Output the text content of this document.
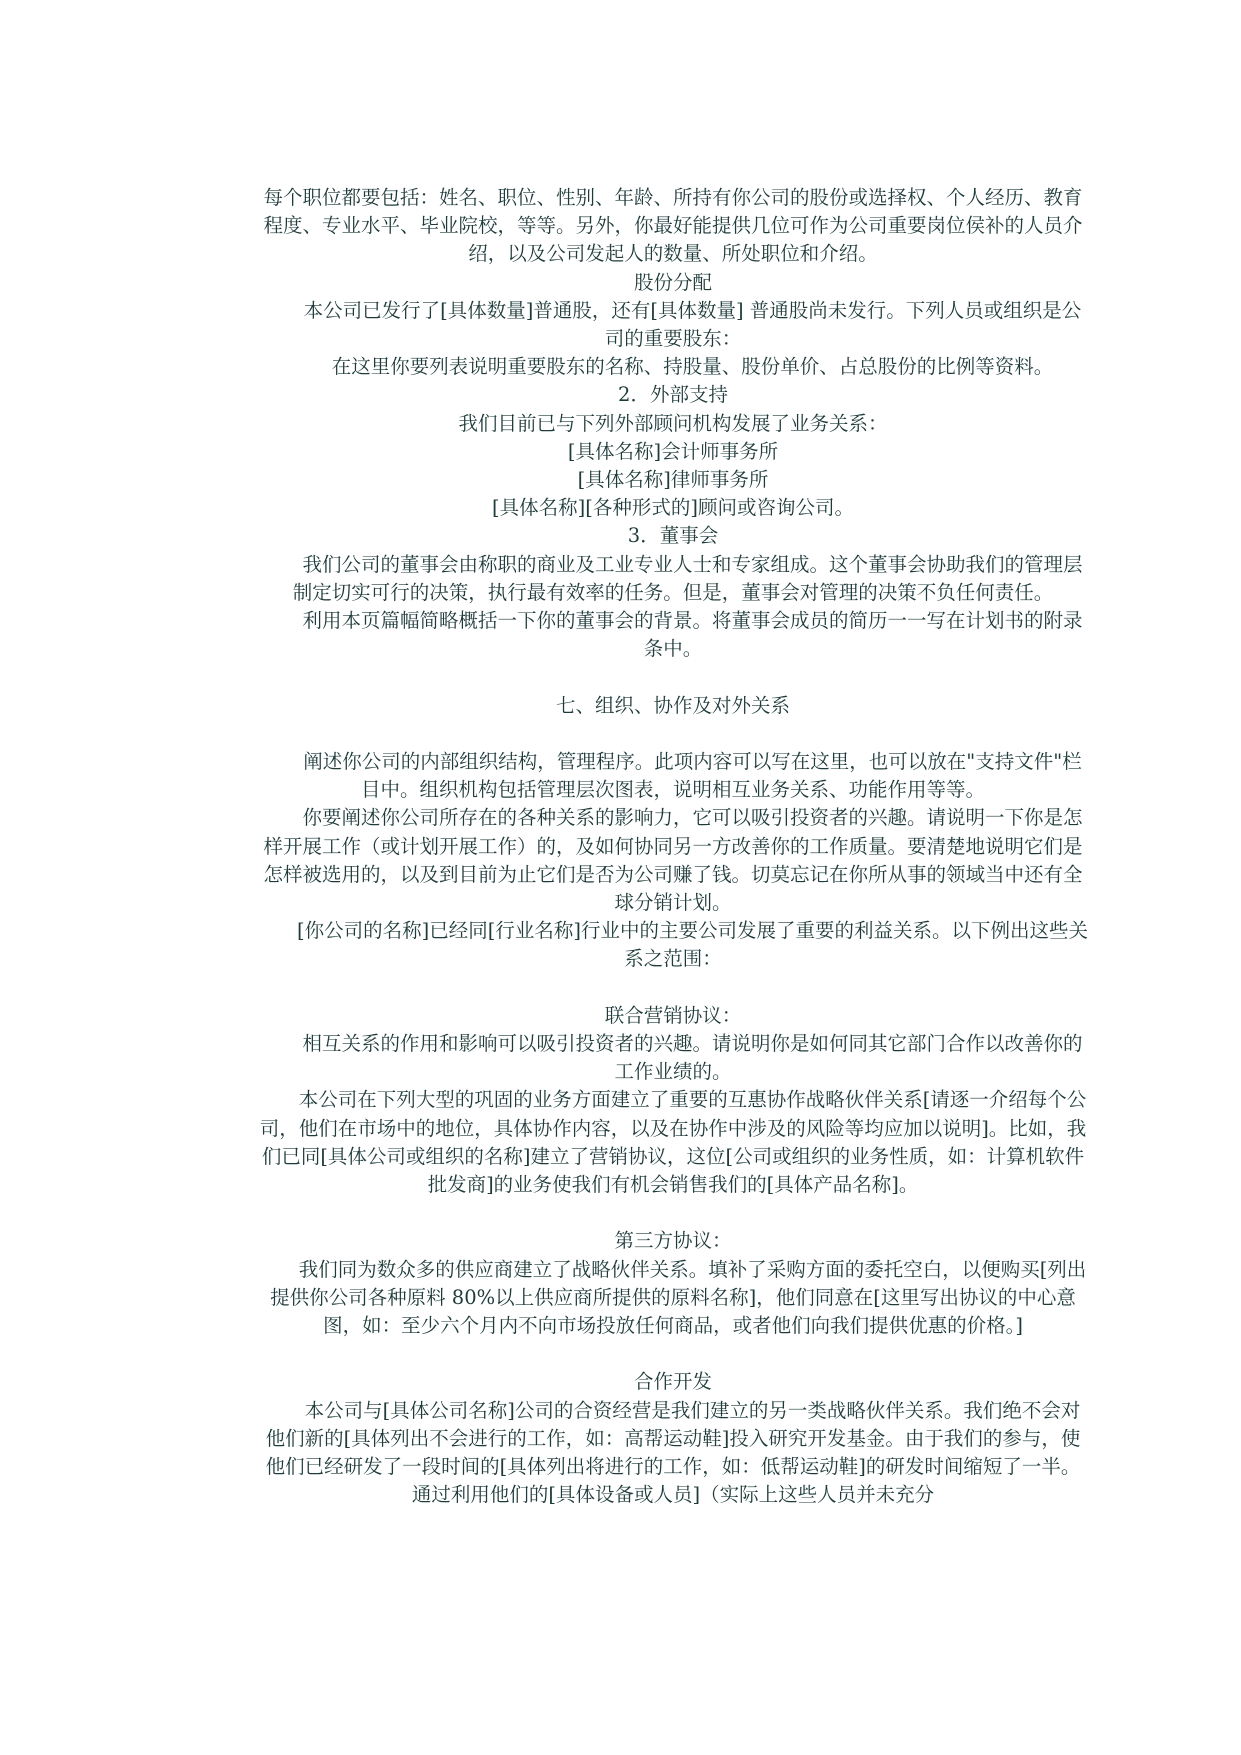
每个职位都要包括：姓名、职位、性别、年龄、所持有你公司的股份或选择权、个人经历、教育程度、专业水平、毕业院校，等等。另外，你最好能提供几位可作为公司重要岗位侯补的人员介绍，以及公司发起人的数量、所处职位和介绍。

股份分配

本公司已发行了[具体数量]普通股，还有[具体数量] 普通股尚未发行。下列人员或组织是公司的重要股东：

在这里你要列表说明重要股东的名称、持股量、股份单价、占总股份的比例等资料。

2．外部支持

我们目前已与下列外部顾问机构发展了业务关系：

[具体名称]会计师事务所

[具体名称]律师事务所

[具体名称][各种形式的]顾问或咨询公司。

3．董事会

我们公司的董事会由称职的商业及工业专业人士和专家组成。这个董事会协助我们的管理层制定切实可行的决策，执行最有效率的任务。但是，董事会对管理的决策不负任何责任。

利用本页篇幅简略概括一下你的董事会的背景。将董事会成员的简历一一写在计划书的附录条中。

七、组织、协作及对外关系

阐述你公司的内部组织结构，管理程序。此项内容可以写在这里，也可以放在"支持文件"栏目中。组织机构包括管理层次图表，说明相互业务关系、功能作用等等。

你要阐述你公司所存在的各种关系的影响力，它可以吸引投资者的兴趣。请说明一下你是怎样开展工作（或计划开展工作）的，及如何协同另一方改善你的工作质量。要清楚地说明它们是怎样被选用的，以及到目前为止它们是否为公司赚了钱。切莫忘记在你所从事的领域当中还有全球分销计划。

[你公司的名称]已经同[行业名称]行业中的主要公司发展了重要的利益关系。以下例出这些关系之范围：

联合营销协议：

相互关系的作用和影响可以吸引投资者的兴趣。请说明你是如何同其它部门合作以改善你的工作业绩的。

本公司在下列大型的巩固的业务方面建立了重要的互惠协作战略伙伴关系[请逐一介绍每个公司，他们在市场中的地位，具体协作内容，以及在协作中涉及的风险等均应加以说明]。比如，我们已同[具体公司或组织的名称]建立了营销协议，这位[公司或组织的业务性质，如：计算机软件批发商]的业务使我们有机会销售我们的[具体产品名称]。

第三方协议：

我们同为数众多的供应商建立了战略伙伴关系。填补了采购方面的委托空白，以便购买[列出提供你公司各种原料 80%以上供应商所提供的原料名称]，他们同意在[这里写出协议的中心意图，如：至少六个月内不向市场投放任何商品，或者他们向我们提供优惠的价格。]

合作开发

本公司与[具体公司名称]公司的合资经营是我们建立的另一类战略伙伴关系。我们绝不会对他们新的[具体列出不会进行的工作，如：高帮运动鞋]投入研究开发基金。由于我们的参与，使他们已经研发了一段时间的[具体列出将进行的工作，如：低帮运动鞋]的研发时间缩短了一半。通过利用他们的[具体设备或人员]（实际上这些人员并未充分
